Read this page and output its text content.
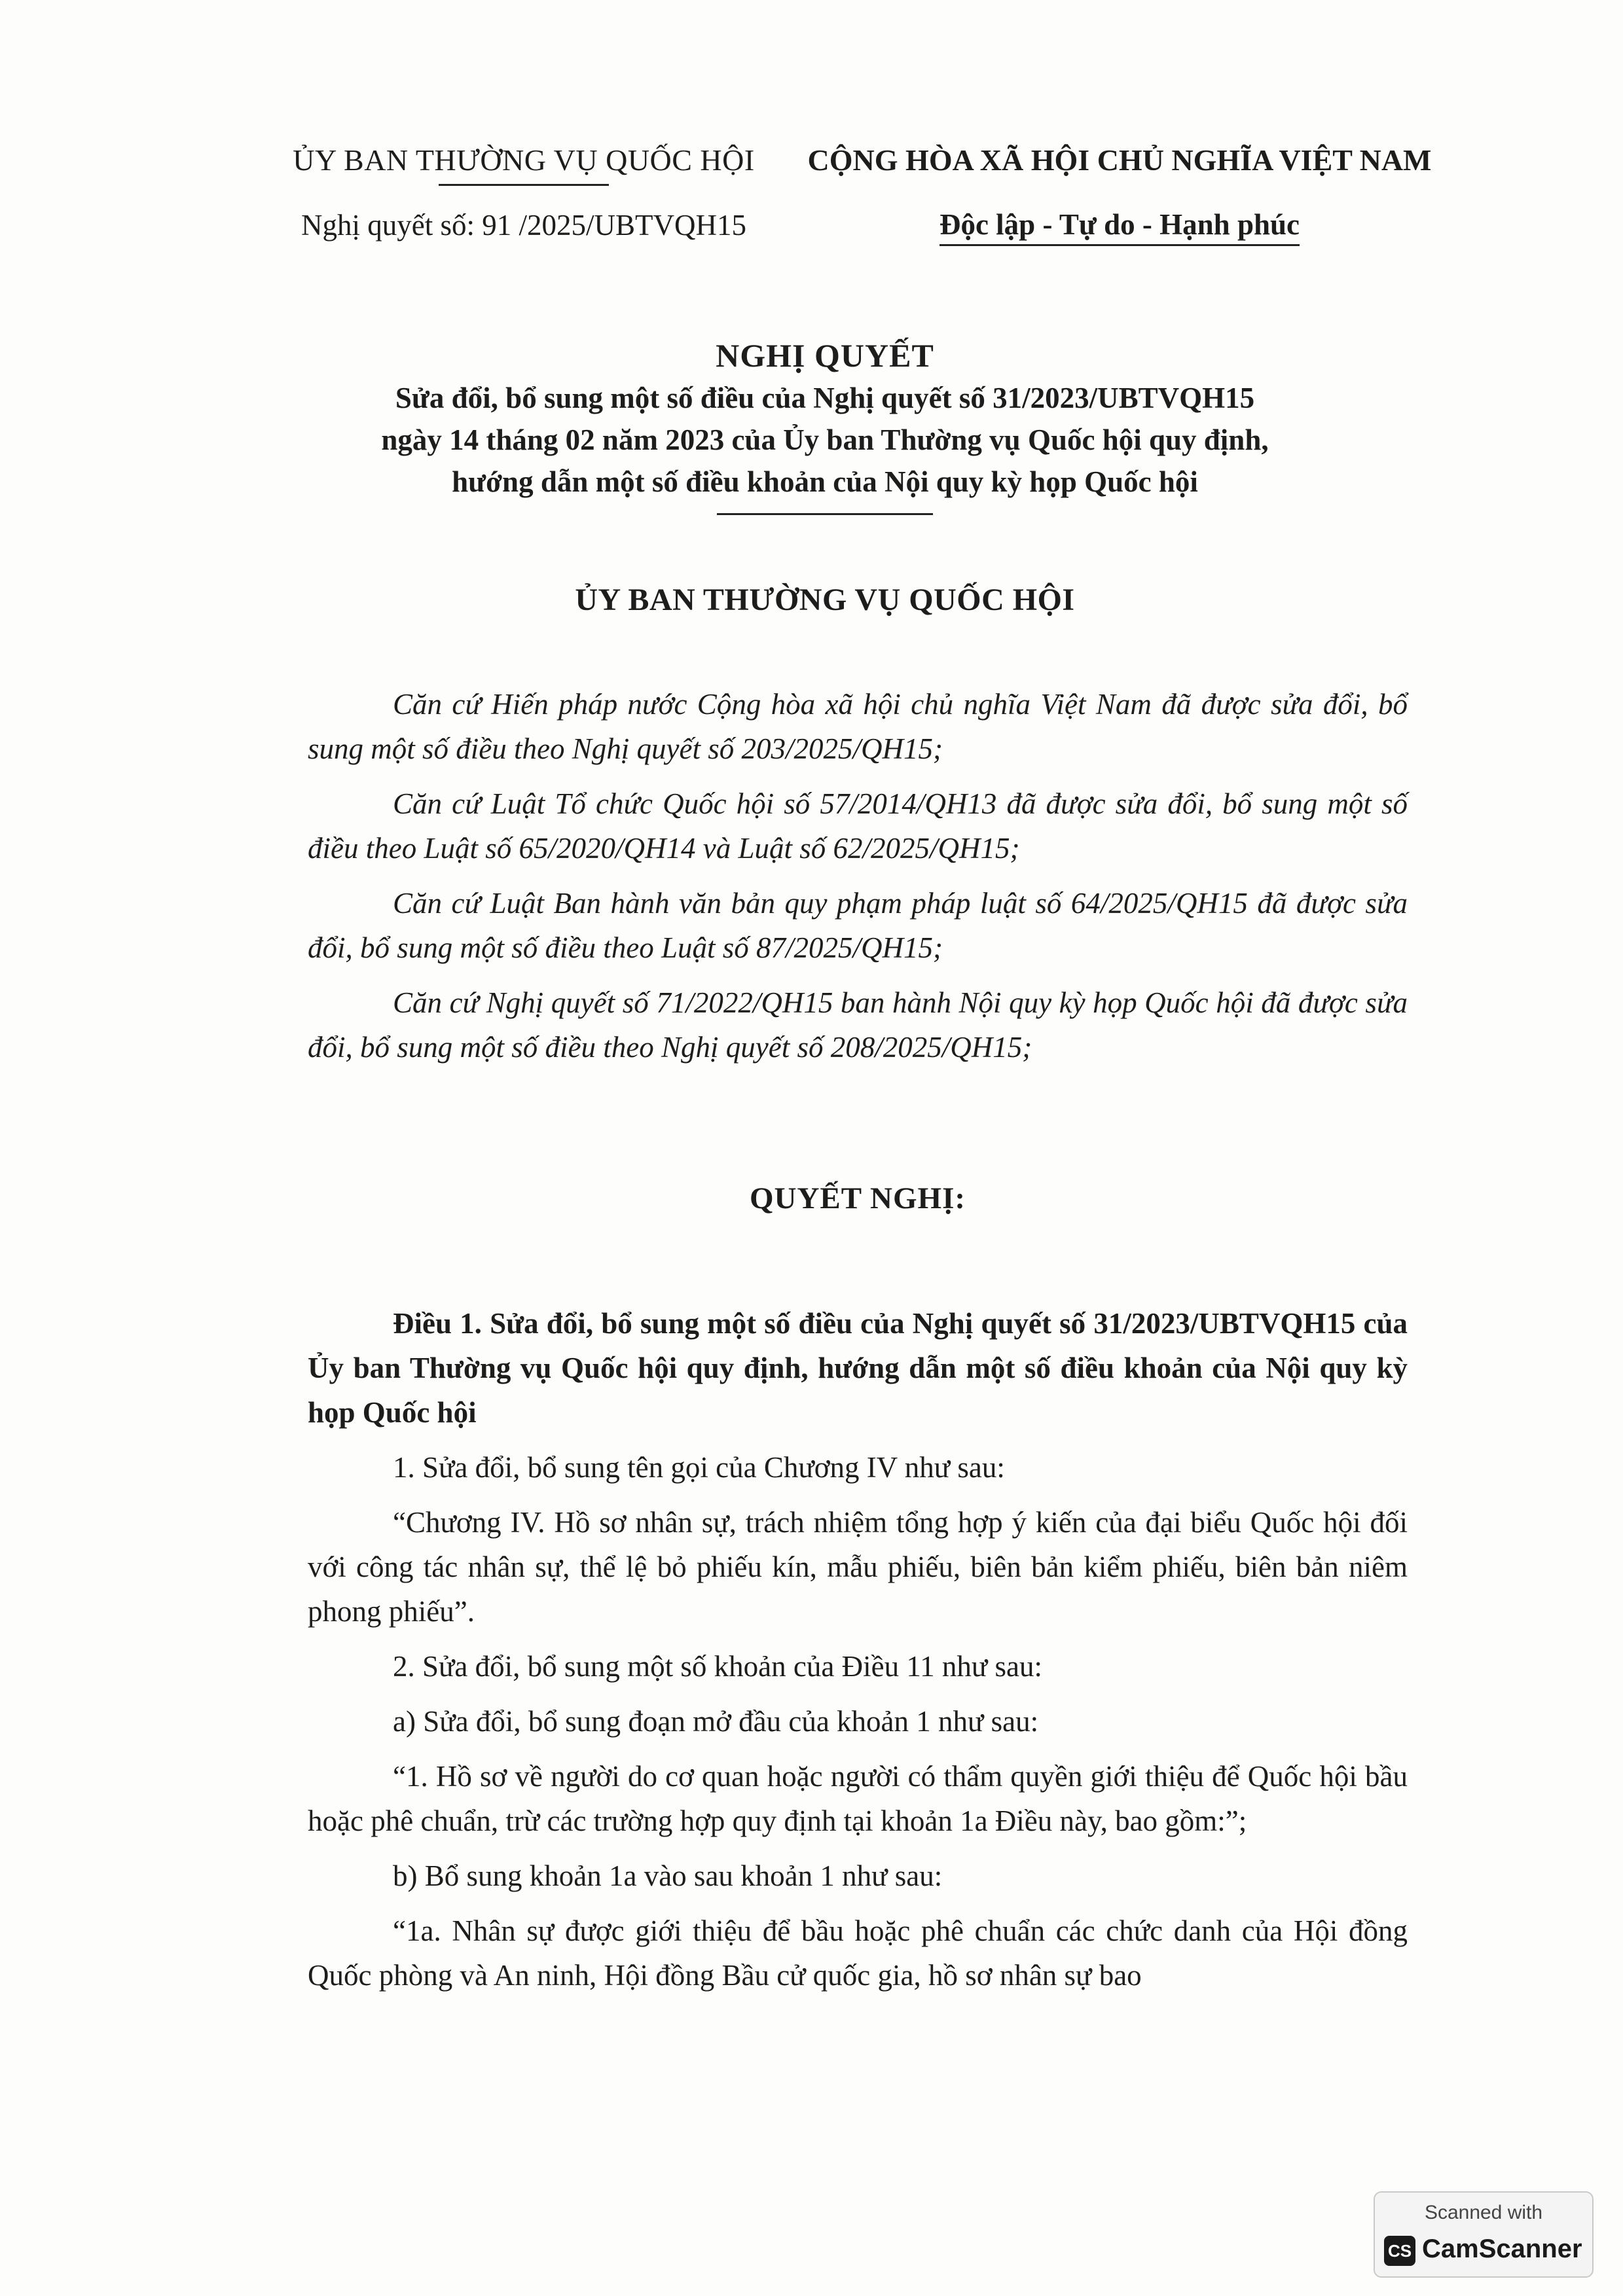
ỦY BAN THƯỜNG VỤ QUỐC HỘI
Nghị quyết số: 91 /2025/UBTVQH15
CỘNG HÒA XÃ HỘI CHỦ NGHĨA VIỆT NAM
Độc lập - Tự do - Hạnh phúc
NGHỊ QUYẾT
Sửa đổi, bổ sung một số điều của Nghị quyết số 31/2023/UBTVQH15
ngày 14 tháng 02 năm 2023 của Ủy ban Thường vụ Quốc hội quy định,
hướng dẫn một số điều khoản của Nội quy kỳ họp Quốc hội
ỦY BAN THƯỜNG VỤ QUỐC HỘI

Căn cứ Hiến pháp nước Cộng hòa xã hội chủ nghĩa Việt Nam đã được sửa đổi, bổ sung một số điều theo Nghị quyết số 203/2025/QH15;

Căn cứ Luật Tổ chức Quốc hội số 57/2014/QH13 đã được sửa đổi, bổ sung một số điều theo Luật số 65/2020/QH14 và Luật số 62/2025/QH15;

Căn cứ Luật Ban hành văn bản quy phạm pháp luật số 64/2025/QH15 đã được sửa đổi, bổ sung một số điều theo Luật số 87/2025/QH15;

Căn cứ Nghị quyết số 71/2022/QH15 ban hành Nội quy kỳ họp Quốc hội đã được sửa đổi, bổ sung một số điều theo Nghị quyết số 208/2025/QH15;

QUYẾT NGHỊ:

Điều 1. Sửa đổi, bổ sung một số điều của Nghị quyết số 31/2023/UBTVQH15 của Ủy ban Thường vụ Quốc hội quy định, hướng dẫn một số điều khoản của Nội quy kỳ họp Quốc hội

1. Sửa đổi, bổ sung tên gọi của Chương IV như sau:

“Chương IV. Hồ sơ nhân sự, trách nhiệm tổng hợp ý kiến của đại biểu Quốc hội đối với công tác nhân sự, thể lệ bỏ phiếu kín, mẫu phiếu, biên bản kiểm phiếu, biên bản niêm phong phiếu”.

2. Sửa đổi, bổ sung một số khoản của Điều 11 như sau:

a) Sửa đổi, bổ sung đoạn mở đầu của khoản 1 như sau:

“1. Hồ sơ về người do cơ quan hoặc người có thẩm quyền giới thiệu để Quốc hội bầu hoặc phê chuẩn, trừ các trường hợp quy định tại khoản 1a Điều này, bao gồm:”;

b) Bổ sung khoản 1a vào sau khoản 1 như sau:

“1a. Nhân sự được giới thiệu để bầu hoặc phê chuẩn các chức danh của Hội đồng Quốc phòng và An ninh, Hội đồng Bầu cử quốc gia, hồ sơ nhân sự bao

Scanned with
CS CamScanner
